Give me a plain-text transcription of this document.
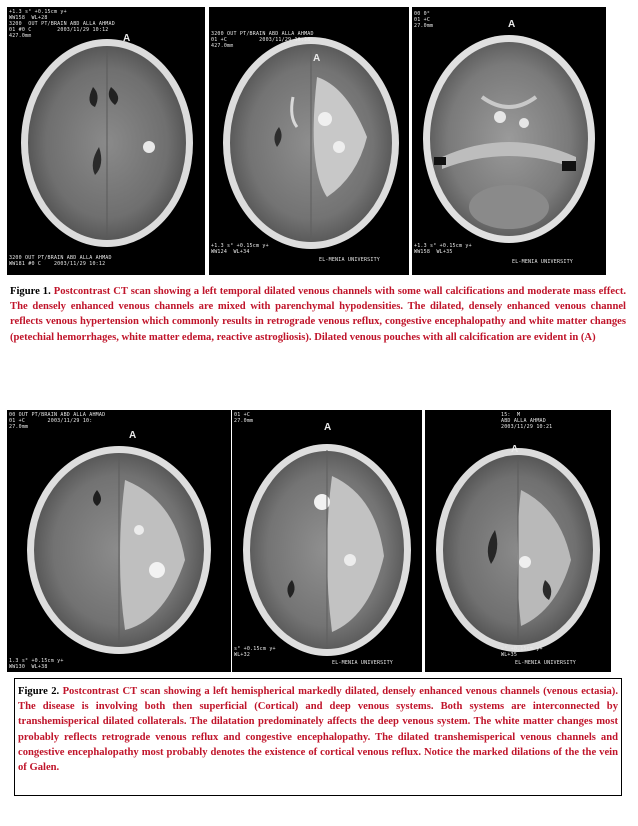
+1.3 s° +0.15cm y+
WW158  WL+28
3200  OUT PT/BRAIN ABD ALLA AHMAD
01 #0 C        2003/11/29 10:12
427.0mm	A
3200 OUT PT/BRAIN ABD ALLA AHMAD
WW181 #0 C    2003/11/29 10:12
3200 OUT PT/BRAIN ABD ALLA AHMAD
01 +C          2003/11/29 10:28
427.0mm
A
+1.3 s° +0.15cm y+
WW124  WL+34
EL-MENIA UNIVERSITY
00 0°
01 +C
27.0mm	A
+1.3 s° +0.15cm y+
WW158  WL+35
EL-MENIA UNIVERSITY
Figure 1. Postcontrast CT scan showing a left temporal dilated venous channels with some wall calcifications and moderate mass effect. The densely enhanced venous channels are mixed with parenchymal hypodensities. The dilated, densely enhanced venous channel reflects venous hypertension which commonly results in retrograde venous reflux, congestive encephalopathy and white matter changes (petechial hemorrhages, white matter edema, reactive astrogliosis). Dilated venous pouches with all calcification are evident in (A)
00 OUT PT/BRAIN ABD ALLA AHMAD
01 +C       2003/11/29 10:
27.0mm
A
1.3 s° +0.15cm y+
WW130  WL+38
01 +C
27.0mm
A
s° +0.15cm y+
WL+32
EL-MENIA UNIVERSITY
15:  M
ABD ALLA AHMAD
2003/11/29 10:21
A
s° +0.15cm y+
WL+35
EL-MENIA UNIVERSITY
Figure 2. Postcontrast CT scan showing a left hemispherical markedly dilated, densely enhanced venous channels (venous ectasia). The disease is involving both then superficial (Cortical) and deep venous systems. Both systems are interconnected by transhemisperical dilated collaterals. The dilatation predominately affects the deep venous system. The white matter changes most probably reflects retrograde venous reflux and congestive encephalopathy. The dilated transhemisperical venous channels and congestive encephalopathy most probably denotes the existence of cortical venous reflux. Notice the marked dilations of the the vein of Galen.
